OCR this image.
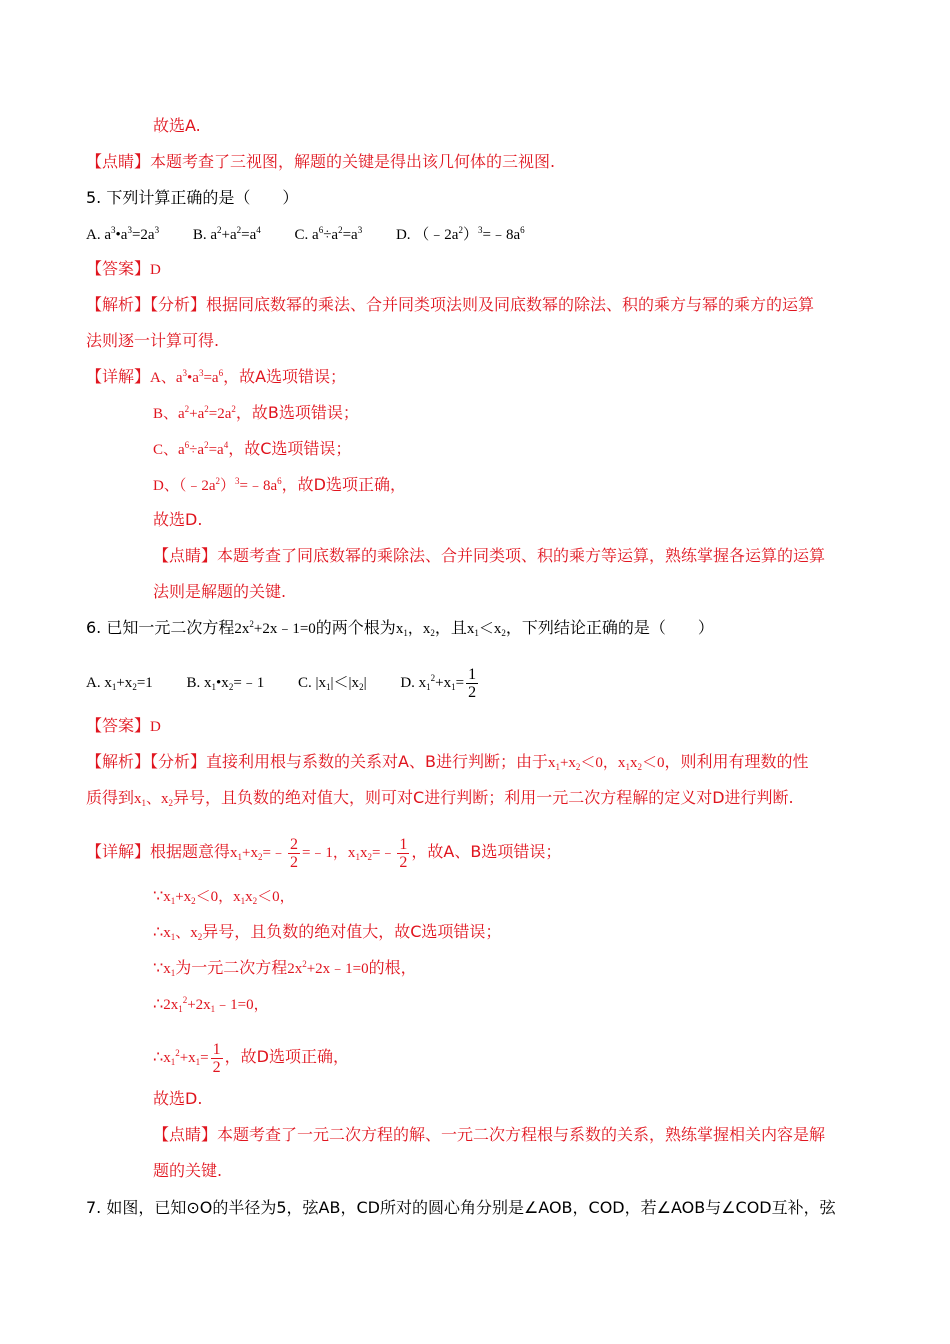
故选A.
【点睛】本题考查了三视图，解题的关键是得出该几何体的三视图.
5. 下列计算正确的是（　　）
A. $a^3•a^3=2a^3$ B. $a^2+a^2=a^4$ C. $a^6\div a^2=a^3$ D. $(﹣2a^2)^3=﹣8a^6$
【答案】D
【解析】【分析】根据同底数幂的乘法、合并同类项法则及同底数幂的除法、积的乘方与幂的乘方的运算
法则逐一计算可得.
【详解】A、$a^3•a^3=a^6$，故A选项错误；
B、$a^2+a^2=2a^2$，故B选项错误；
C、$a^6\div a^2=a^4$，故C选项错误；
D、$(﹣2a^2)^3=﹣8a^6$，故D选项正确，
故选D.
【点睛】本题考查了同底数幂的乘除法、合并同类项、积的乘方等运算，熟练掌握各运算的运算
法则是解题的关键.
6. 已知一元二次方程$2x^2+2x﹣1=0$的两个根为$x_1$，$x_2$，且$x_1<x_2$，下列结论正确的是（　　）
A. $x_1+x_2=1$ B. $x_1•x_2=﹣1$ C. $|x_1|<|x_2|$ D. $x_1^2+x_1= \frac{1}{2}$
【答案】D
【解析】【分析】直接利用根与系数的关系对A、B进行判断；由于$x_1+x_2<0$，$x_1x_2<0$，则利用有理数的性
质得到$x_1$、$x_2$异号，且负数的绝对值大，则可对C进行判断；利用一元二次方程解的定义对D进行判断.
【详解】根据题意得$x_1+x_2=﹣ \frac{2}{2}$ =﹣1，$x_1x_2=﹣ \frac{1}{2}$ ，故A、B选项错误；
$\because x_1+x_2<0$，$x_1x_2<0$，
$\therefore x_1$、$x_2$异号，且负数的绝对值大，故C选项错误；
$\because x_1$为一元二次方程$2x^2+2x﹣1=0$的根，
$\therefore 2x_1^2+2x_1﹣1=0$，
$\therefore x_1^2+x_1= \frac{1}{2}$ ，故D选项正确，
故选D.
【点睛】本题考查了一元二次方程的解、一元二次方程根与系数的关系，熟练掌握相关内容是解
题的关键.
7. 如图，已知⊙O的半径为5，弦AB，CD所对的圆心角分别是∠AOB，COD，若∠AOB与∠COD互补，弦
